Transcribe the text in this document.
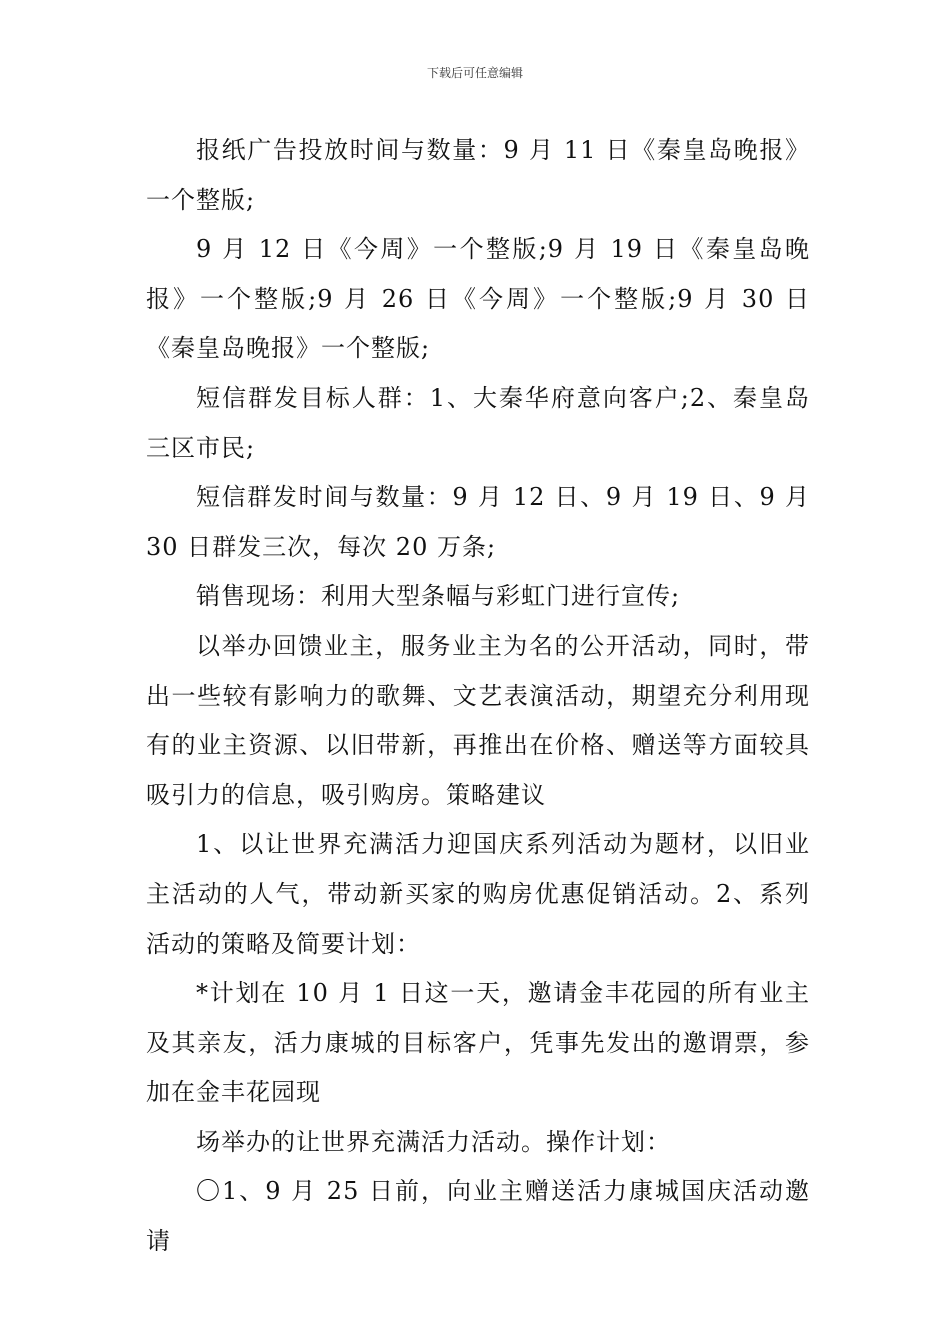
下载后可任意编辑

报纸广告投放时间与数量：9 月 11 日《秦皇岛晚报》一个整版;

9 月 12 日《今周》一个整版;9 月 19 日《秦皇岛晚报》一个整版;9 月 26 日《今周》一个整版;9 月 30 日《秦皇岛晚报》一个整版;

短信群发目标人群：1、大秦华府意向客户;2、秦皇岛三区市民;

短信群发时间与数量：9 月 12 日、9 月 19 日、9 月 30 日群发三次，每次 20 万条;

销售现场：利用大型条幅与彩虹门进行宣传;

以举办回馈业主，服务业主为名的公开活动，同时，带出一些较有影响力的歌舞、文艺表演活动，期望充分利用现有的业主资源、以旧带新，再推出在价格、赠送等方面较具吸引力的信息，吸引购房。策略建议

1、以让世界充满活力迎国庆系列活动为题材，以旧业主活动的人气，带动新买家的购房优惠促销活动。2、系列活动的策略及简要计划：

*计划在 10 月 1 日这一天，邀请金丰花园的所有业主及其亲友，活力康城的目标客户，凭事先发出的邀谓票，参加在金丰花园现

场举办的让世界充满活力活动。操作计划：

〇1、9 月 25 日前，向业主赠送活力康城国庆活动邀请
